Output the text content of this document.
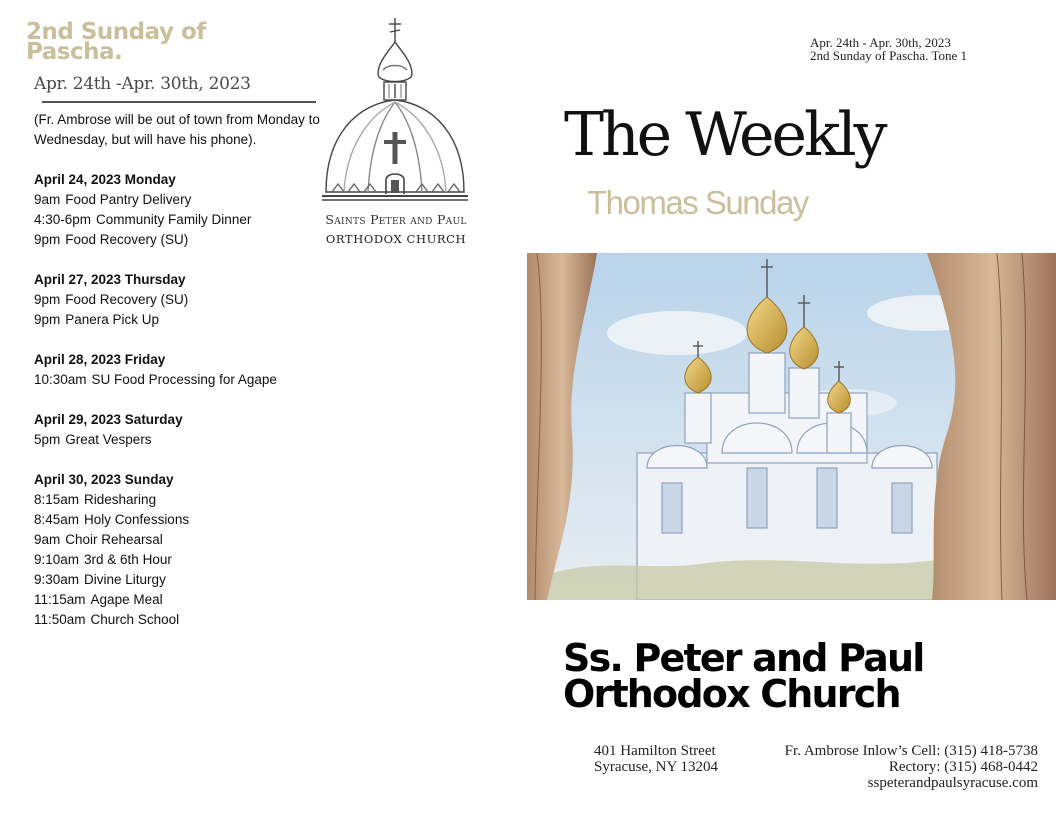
2nd Sunday of Pascha.
Apr. 24th -Apr. 30th, 2023
(Fr. Ambrose will be out of town from Monday to Wednesday, but will have his phone).
April 24, 2023 Monday
9am Food Pantry Delivery
4:30-6pm Community Family Dinner
9pm Food Recovery (SU)
April 27, 2023 Thursday
9pm Food Recovery (SU)
9pm Panera Pick Up
April 28, 2023 Friday
10:30am SU Food Processing for Agape
April 29, 2023 Saturday
5pm Great Vespers
April 30, 2023 Sunday
8:15am Ridesharing
8:45am Holy Confessions
9am Choir Rehearsal
9:10am 3rd & 6th Hour
9:30am Divine Liturgy
11:15am Agape Meal
11:50am Church School
Saints Peter and Paul
ORTHODOX CHURCH
Apr. 24th - Apr. 30th, 2023
2nd Sunday of Pascha. Tone 1
The Weekly
Thomas Sunday
Ss. Peter and Paul
Orthodox Church
401 Hamilton Street
Syracuse, NY 13204
Fr. Ambrose Inlow’s Cell: (315) 418-5738
Rectory: (315) 468-0442
sspeterandpaulsyracuse.com
